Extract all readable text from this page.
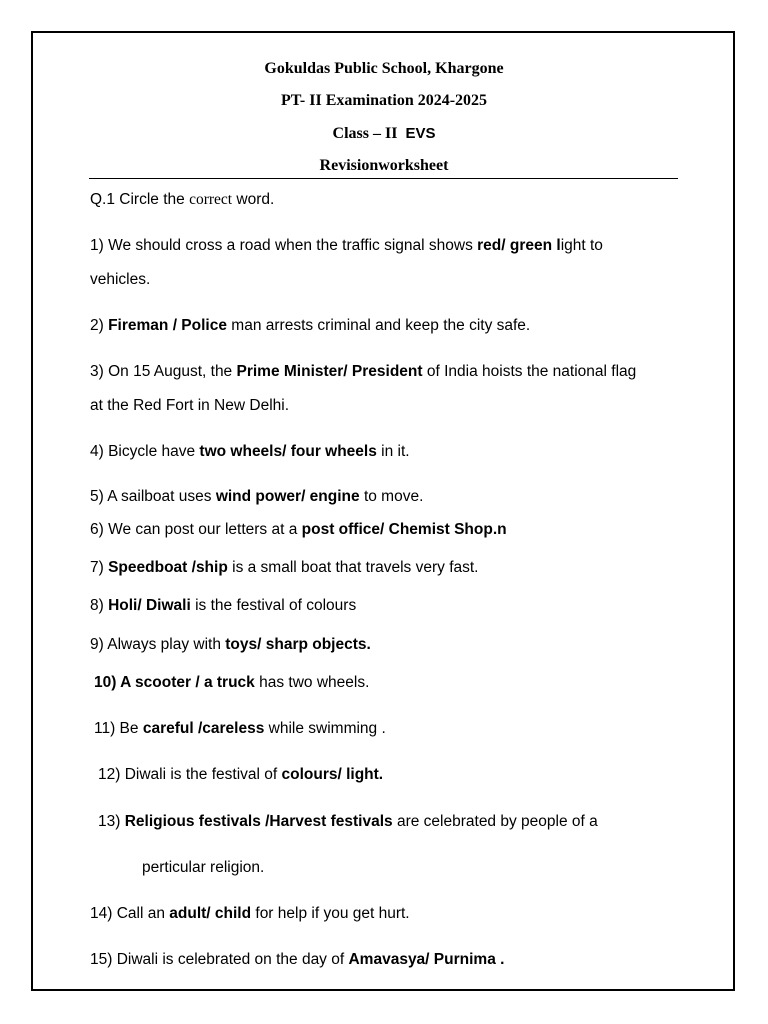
Gokuldas Public School, Khargone
PT- II Examination 2024-2025
Class – II EVS
Revisionworksheet
Q.1 Circle the correct word.
1) We should cross a road when the traffic signal shows red/ green light to
vehicles.
2) Fireman / Police man arrests criminal and keep the city safe.
3) On 15 August, the Prime Minister/ President of India hoists the national flag
at the Red Fort in New Delhi.
4) Bicycle have two wheels/ four wheels in it.
5) A sailboat uses wind power/ engine to move.
6) We can post our letters at a post office/ Chemist Shop.n
7) Speedboat /ship is a small boat that travels very fast.
8) Holi/ Diwali is the festival of colours
9) Always play with toys/ sharp objects.
10) A scooter / a truck has two wheels.
11) Be careful /careless while swimming .
12) Diwali is the festival of colours/ light.
13) Religious festivals /Harvest festivals are celebrated by people of a
perticular religion.
14) Call an adult/ child for help if you get hurt.
15) Diwali is celebrated on the day of Amavasya/ Purnima .
